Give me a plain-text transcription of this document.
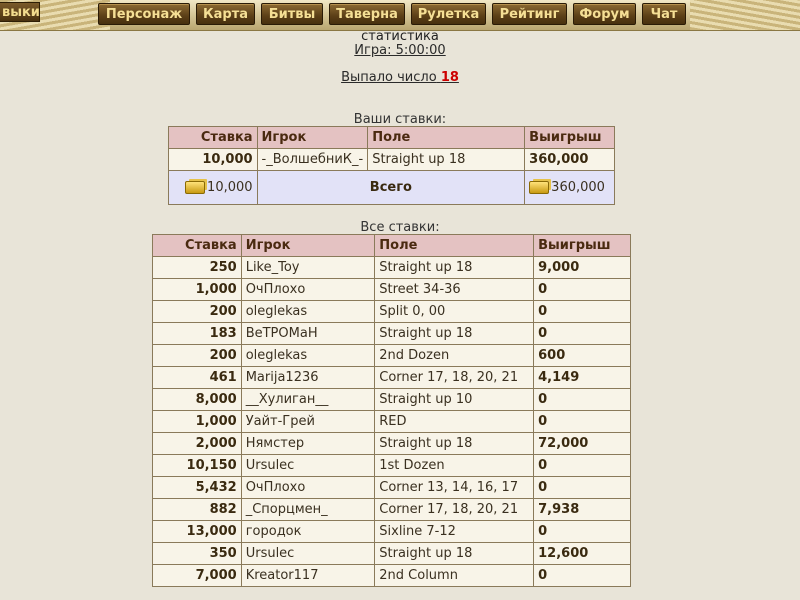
выки	Персонаж	Карта	Битвы	Таверна	Рулетка	Рейтинг	Форум	Чат
статистика
Игра: 5:00:00
Выпало число 18
Ваши ставки:
Ставка	Игрок	Поле	Выигрыш
10,000	-_ВолшебниК_-	Straight up 18	360,000
10,000	Всего		360,000
Все ставки:
Ставка	Игрок	Поле	Выигрыш
250	Like_Toy	Straight up 18	9,000
1,000	ОчПлохо	Street 34-36	0
200	oleglekas	Split 0, 00	0
183	ВеТРОМаН	Straight up 18	0
200	oleglekas	2nd Dozen	600
461	Marija1236	Corner 17, 18, 20, 21	4,149
8,000	__Хулиган__	Straight up 10	0
1,000	Уайт-Грей	RED	0
2,000	Нямстер	Straight up 18	72,000
10,150	Ursulec	1st Dozen	0
5,432	ОчПлохо	Corner 13, 14, 16, 17	0
882	_Спорцмен_	Corner 17, 18, 20, 21	7,938
13,000	городок	Sixline 7-12	0
350	Ursulec	Straight up 18	12,600
7,000	Kreator117	2nd Column	0
